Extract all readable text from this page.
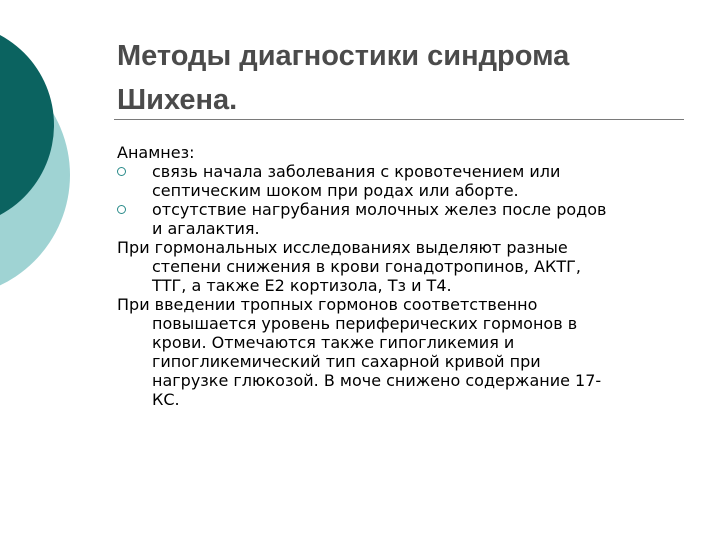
Методы диагностики синдрома
Шихена.
Анамнез:
связь начала заболевания с кровотечением или
септическим шоком при родах или аборте.
отсутствие нагрубания молочных желез после родов
и агалактия.
При гормональных исследованиях выделяют разные
степени снижения в крови гонадотропинов, АКТГ,
ТТГ, а также Е2 кортизола, Тз и Т4.
При введении тропных гормонов соответственно
повышается уровень периферических гормонов в
крови. Отмечаются также гипогликемия и
гипогликемический тип сахарной кривой при
нагрузке глюкозой. В моче снижено содержание 17-
КС.
